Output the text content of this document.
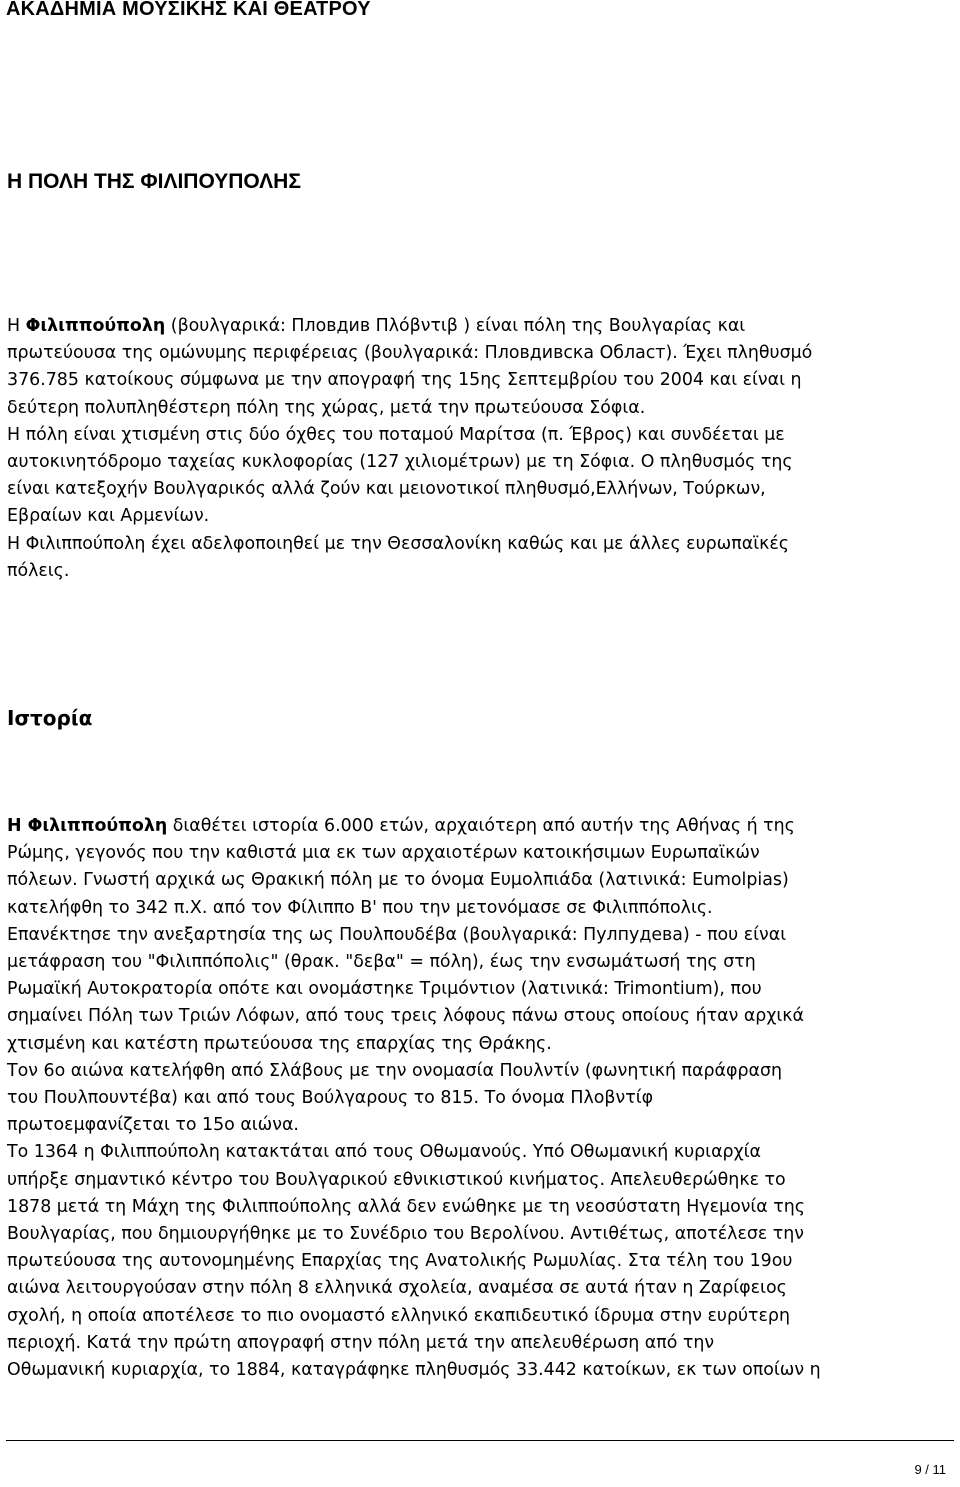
ΑΚΑΔΗΜΙΑ ΜΟΥΣΙΚΗΣ ΚΑΙ ΘΕΑΤΡΟΥ
Η ΠΟΛΗ ΤΗΣ ΦΙΛΙΠΟΥΠΟΛΗΣ
Η Φιλιππούπολη (βουλγαρικά: Пловдив Πλόβντιβ ) είναι πόλη της Βουλγαρίας και
πρωτεύουσα της ομώνυμης περιφέρειας (βουλγαρικά: Пловдивска Област). Έχει πληθυσμό
376.785 κατοίκους σύμφωνα με την απογραφή της 15ης Σεπτεμβρίου του 2004 και είναι η
δεύτερη πολυπληθέστερη πόλη της χώρας, μετά την πρωτεύουσα Σόφια.
Η πόλη είναι χτισμένη στις δύο όχθες του ποταμού Μαρίτσα (π. Έβρος) και συνδέεται με
αυτοκινητόδρομο ταχείας κυκλοφορίας (127 χιλιομέτρων) με τη Σόφια. Ο πληθυσμός της
είναι κατεξοχήν Βουλγαρικός αλλά ζούν και μειονοτικοί πληθυσμό,Ελλήνων, Τούρκων,
Εβραίων και Αρμενίων.
Η Φιλιππούπολη έχει αδελφοποιηθεί με την Θεσσαλονίκη καθώς και με άλλες ευρωπαϊκές
πόλεις.
Ιστορία
Η Φιλιππούπολη διαθέτει ιστορία 6.000 ετών, αρχαιότερη από αυτήν της Αθήνας ή της
Ρώμης, γεγονός που την καθιστά μια εκ των αρχαιοτέρων κατοικήσιμων Ευρωπαϊκών
πόλεων. Γνωστή αρχικά ως Θρακική πόλη με το όνομα Ευμολπιάδα (λατινικά: Eumolpias)
κατελήφθη το 342 π.Χ. από τον Φίλιππο Β' που την μετονόμασε σε Φιλιππόπολις.
Επανέκτησε την ανεξαρτησία της ως Πουλπουδέβα (βουλγαρικά: Пулпудева) - που είναι
μετάφραση του "Φιλιππόπολις" (θρακ. "δεβα" = πόλη), έως την ενσωμάτωσή της στη
Ρωμαϊκή Αυτοκρατορία οπότε και ονομάστηκε Τριμόντιον (λατινικά: Trimontium), που
σημαίνει Πόλη των Τριών Λόφων, από τους τρεις λόφους πάνω στους οποίους ήταν αρχικά
χτισμένη και κατέστη πρωτεύουσα της επαρχίας της Θράκης.
Τον 6ο αιώνα κατελήφθη από Σλάβους με την ονομασία Πουλντίν (φωνητική παράφραση
του Πουλπουντέβα) και από τους Βούλγαρους το 815. Το όνομα Πλοβντίφ
πρωτοεμφανίζεται το 15ο αιώνα.
Το 1364 η Φιλιππούπολη κατακτάται από τους Οθωμανούς. Υπό Οθωμανική κυριαρχία
υπήρξε σημαντικό κέντρο του Βουλγαρικού εθνικιστικού κινήματος. Απελευθερώθηκε το
1878 μετά τη Μάχη της Φιλιππούπολης αλλά δεν ενώθηκε με τη νεοσύστατη Ηγεμονία της
Βουλγαρίας, που δημιουργήθηκε με το Συνέδριο του Βερολίνου. Αντιθέτως, αποτέλεσε την
πρωτεύουσα της αυτονομημένης Επαρχίας της Ανατολικής Ρωμυλίας. Στα τέλη του 19ου
αιώνα λειτουργούσαν στην πόλη 8 ελληνικά σχολεία, αναμέσα σε αυτά ήταν η Ζαρίφειος
σχολή, η οποία αποτέλεσε το πιο ονομαστό ελληνικό εκαπιδευτικό ίδρυμα στην ευρύτερη
περιοχή. Κατά την πρώτη απογραφή στην πόλη μετά την απελευθέρωση από την
Οθωμανική κυριαρχία, το 1884, καταγράφηκε πληθυσμός 33.442 κατοίκων, εκ των οποίων η
9 / 11
